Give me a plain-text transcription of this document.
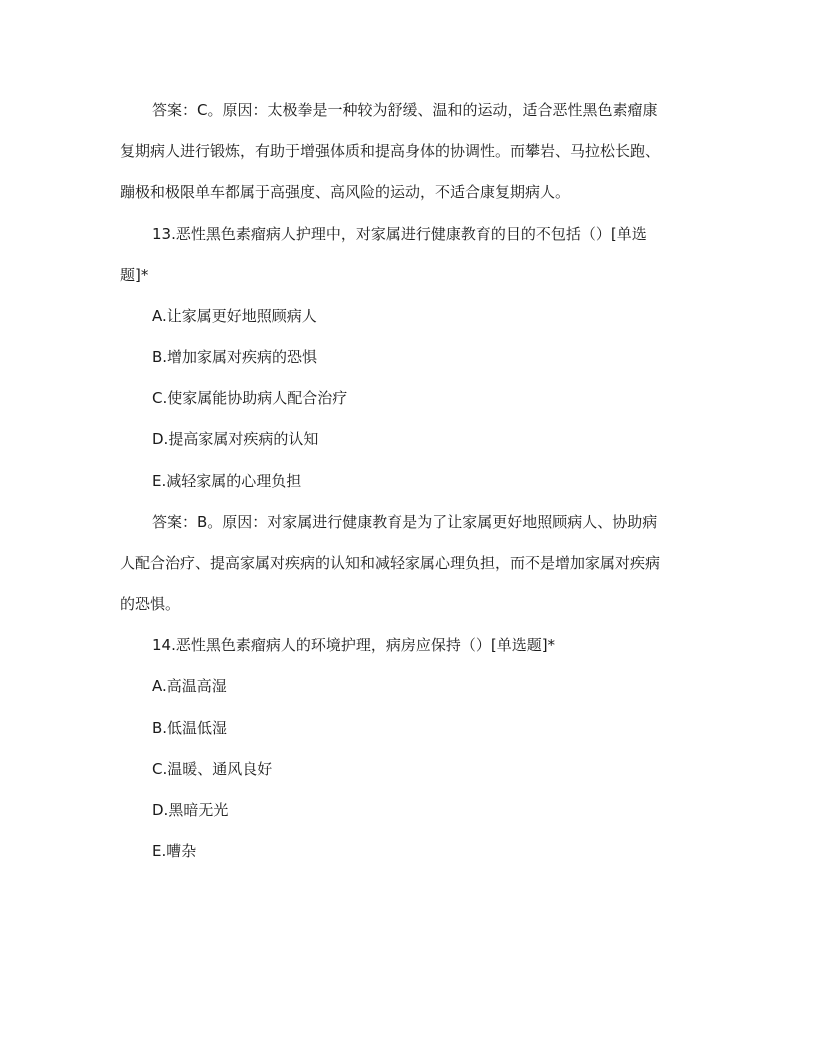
答案：C。原因：太极拳是一种较为舒缓、温和的运动，适合恶性黑色素瘤康
复期病人进行锻炼，有助于增强体质和提高身体的协调性。而攀岩、马拉松长跑、
蹦极和极限单车都属于高强度、高风险的运动，不适合康复期病人。
13.恶性黑色素瘤病人护理中，对家属进行健康教育的目的不包括（）[单选
题]*
A.让家属更好地照顾病人
B.增加家属对疾病的恐惧
C.使家属能协助病人配合治疗
D.提高家属对疾病的认知
E.减轻家属的心理负担
答案：B。原因：对家属进行健康教育是为了让家属更好地照顾病人、协助病
人配合治疗、提高家属对疾病的认知和减轻家属心理负担，而不是增加家属对疾病
的恐惧。
14.恶性黑色素瘤病人的环境护理，病房应保持（）[单选题]*
A.高温高湿
B.低温低湿
C.温暖、通风良好
D.黑暗无光
E.嘈杂
